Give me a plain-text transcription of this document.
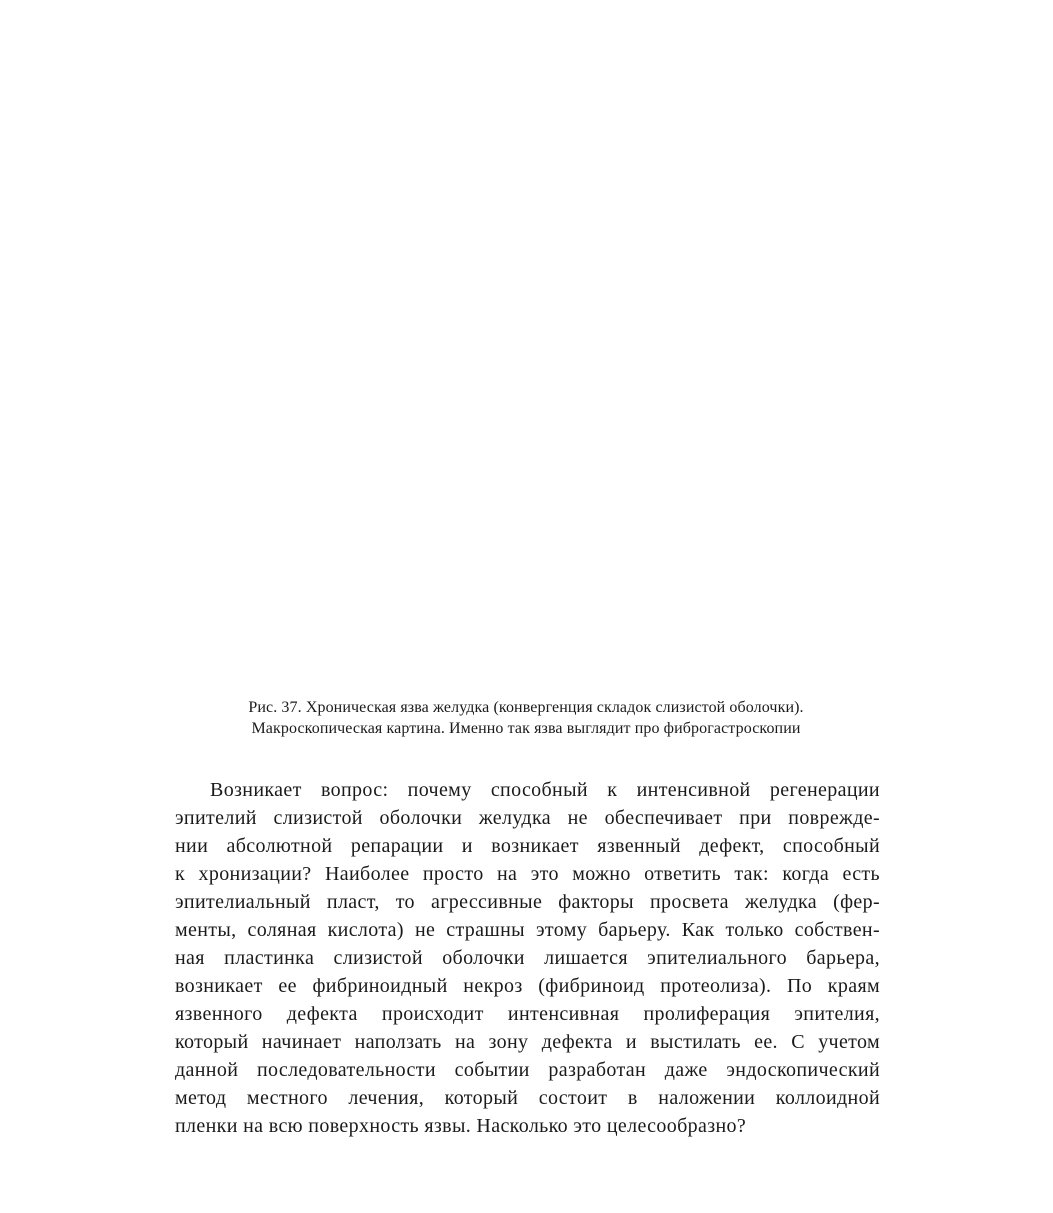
Рис. 37. Хроническая язва желудка (конвергенция складок слизистой оболочки).
Макроскопическая картина. Именно так язва выглядит про фиброгастроскопии
Возникает вопрос: почему способный к интенсивной регенерации
эпителий слизистой оболочки желудка не обеспечивает при поврежде-
нии абсолютной репарации и возникает язвенный дефект, способный
к хронизации? Наиболее просто на это можно ответить так: когда есть
эпителиальный пласт, то агрессивные факторы просвета желудка (фер-
менты, соляная кислота) не страшны этому барьеру. Как только собствен-
ная пластинка слизистой оболочки лишается эпителиального барьера,
возникает ее фибриноидный некроз (фибриноид протеолиза). По краям
язвенного дефекта происходит интенсивная пролиферация эпителия,
который начинает наползать на зону дефекта и выстилать ее. С учетом
данной последовательности событии разработан даже эндоскопический
метод местного лечения, который состоит в наложении коллоидной
пленки на всю поверхность язвы. Насколько это целесообразно?
